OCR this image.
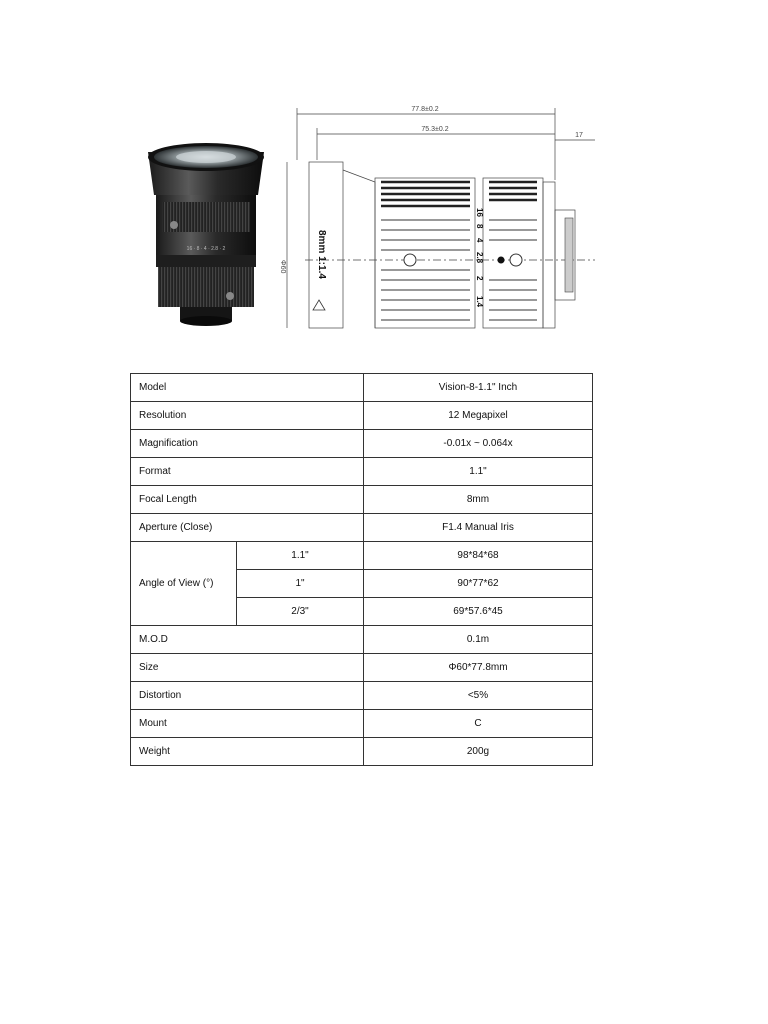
16 · 8 · 4 · 2.8 · 2
77.8±0.2
75.3±0.2
17
Φ60	8mm 1:1.4
16
8
4
2.8
2
1.4
Model		Vision-8-1.1" Inch
Resolution		12 Megapixel
Magnification		-0.01x ~ 0.064x
Format		1.1"
Focal Length		8mm
Aperture (Close)		F1.4 Manual Iris
Angle of View (°)	1.1"	98*84*68
	1"	90*77*62
	2/3"	69*57.6*45
M.O.D		0.1m
Size		Φ60*77.8mm
Distortion		<5%
Mount		C
Weight		200g
